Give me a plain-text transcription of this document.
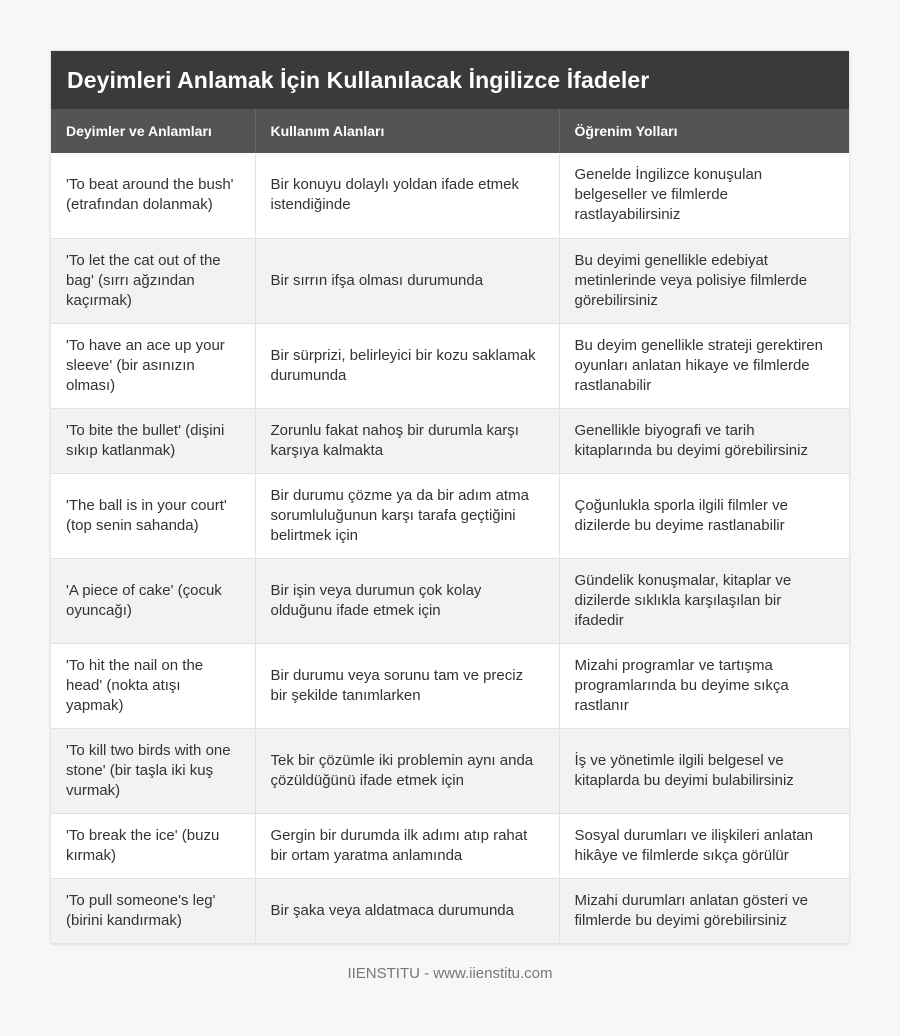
Deyimleri Anlamak İçin Kullanılacak İngilizce İfadeler
Deyimler ve Anlamları	Kullanım Alanları	Öğrenim Yolları
'To beat around the bush' (etrafından dolanmak)	Bir konuyu dolaylı yoldan ifade etmek istendiğinde	Genelde İngilizce konuşulan belgeseller ve filmlerde rastlayabilirsiniz
'To let the cat out of the bag' (sırrı ağzından kaçırmak)	Bir sırrın ifşa olması durumunda	Bu deyimi genellikle edebiyat metinlerinde veya polisiye filmlerde görebilirsiniz
'To have an ace up your sleeve' (bir asınızın olması)	Bir sürprizi, belirleyici bir kozu saklamak durumunda	Bu deyim genellikle strateji gerektiren oyunları anlatan hikaye ve filmlerde rastlanabilir
'To bite the bullet' (dişini sıkıp katlanmak)	Zorunlu fakat nahoş bir durumla karşı karşıya kalmakta	Genellikle biyografi ve tarih kitaplarında bu deyimi görebilirsiniz
'The ball is in your court' (top senin sahanda)	Bir durumu çözme ya da bir adım atma sorumluluğunun karşı tarafa geçtiğini belirtmek için	Çoğunlukla sporla ilgili filmler ve dizilerde bu deyime rastlanabilir
'A piece of cake' (çocuk oyuncağı)	Bir işin veya durumun çok kolay olduğunu ifade etmek için	Gündelik konuşmalar, kitaplar ve dizilerde sıklıkla karşılaşılan bir ifadedir
'To hit the nail on the head' (nokta atışı yapmak)	Bir durumu veya sorunu tam ve preciz bir şekilde tanımlarken	Mizahi programlar ve tartışma programlarında bu deyime sıkça rastlanır
'To kill two birds with one stone' (bir taşla iki kuş vurmak)	Tek bir çözümle iki problemin aynı anda çözüldüğünü ifade etmek için	İş ve yönetimle ilgili belgesel ve kitaplarda bu deyimi bulabilirsiniz
'To break the ice' (buzu kırmak)	Gergin bir durumda ilk adımı atıp rahat bir ortam yaratma anlamında	Sosyal durumları ve ilişkileri anlatan hikâye ve filmlerde sıkça görülür
'To pull someone's leg' (birini kandırmak)	Bir şaka veya aldatmaca durumunda	Mizahi durumları anlatan gösteri ve filmlerde bu deyimi görebilirsiniz
IIENSTITU - www.iienstitu.com
